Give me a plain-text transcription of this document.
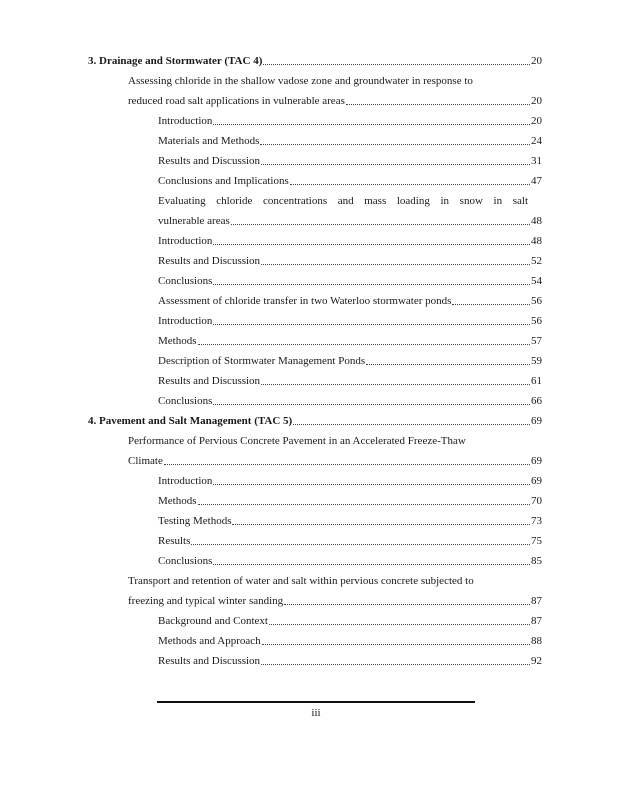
3. Drainage and Stormwater (TAC 4)	20
Assessing chloride in the shallow vadose zone and groundwater in response to
reduced road salt applications in vulnerable areas	20
Introduction	20
Materials and Methods	24
Results and Discussion	31
Conclusions and Implications	47
Evaluating chloride concentrations and mass loading in snow in salt
vulnerable areas	48
Introduction	48
Results and Discussion	52
Conclusions	54
Assessment of chloride transfer in two Waterloo stormwater ponds	56
Introduction	56
Methods	57
Description of Stormwater Management Ponds	59
Results and Discussion	61
Conclusions	66
4. Pavement and Salt Management (TAC 5)	69
Performance of Pervious Concrete Pavement in an Accelerated Freeze-Thaw
Climate	69
Introduction	69
Methods	70
Testing Methods	73
Results	75
Conclusions	85
Transport and retention of water and salt within pervious concrete subjected to
freezing and typical winter sanding	87
Background and Context	87
Methods and Approach	88
Results and Discussion	92
iii
